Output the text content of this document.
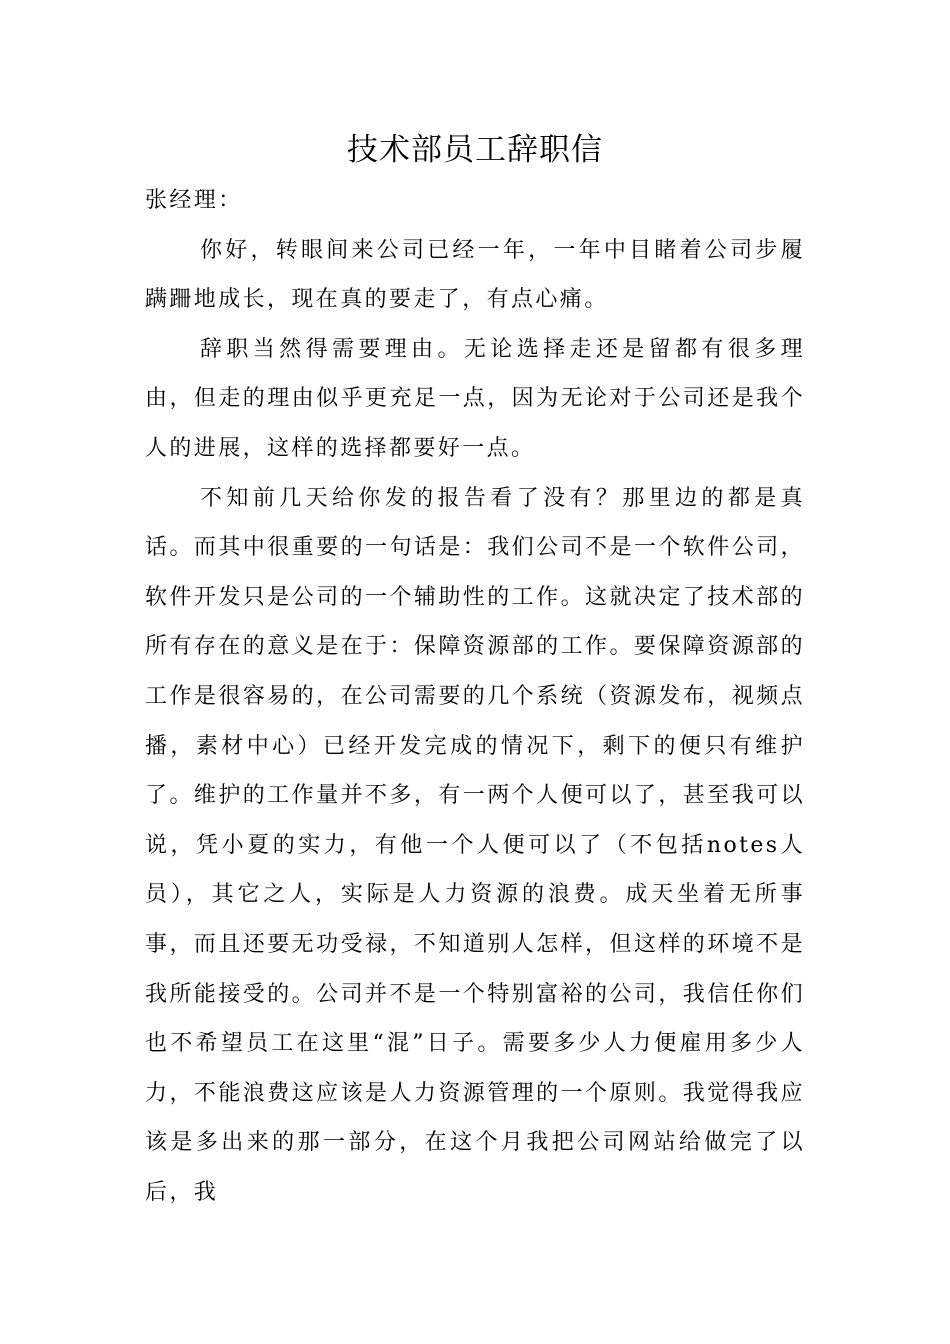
技术部员工辞职信

张经理：

你好，转眼间来公司已经一年，一年中目睹着公司步履蹒跚地成长，现在真的要走了，有点心痛。

辞职当然得需要理由。无论选择走还是留都有很多理由，但走的理由似乎更充足一点，因为无论对于公司还是我个人的进展，这样的选择都要好一点。

不知前几天给你发的报告看了没有？那里边的都是真话。而其中很重要的一句话是：我们公司不是一个软件公司，软件开发只是公司的一个辅助性的工作。这就决定了技术部的所有存在的意义是在于：保障资源部的工作。要保障资源部的工作是很容易的，在公司需要的几个系统（资源发布，视频点播，素材中心）已经开发完成的情况下，剩下的便只有维护了。维护的工作量并不多，有一两个人便可以了，甚至我可以说，凭小夏的实力，有他一个人便可以了（不包括notes人员），其它之人，实际是人力资源的浪费。成天坐着无所事事，而且还要无功受禄，不知道别人怎样，但这样的环境不是我所能接受的。公司并不是一个特别富裕的公司，我信任你们也不希望员工在这里“混”日子。需要多少人力便雇用多少人力，不能浪费这应该是人力资源管理的一个原则。我觉得我应该是多出来的那一部分，在这个月我把公司网站给做完了以后，我
